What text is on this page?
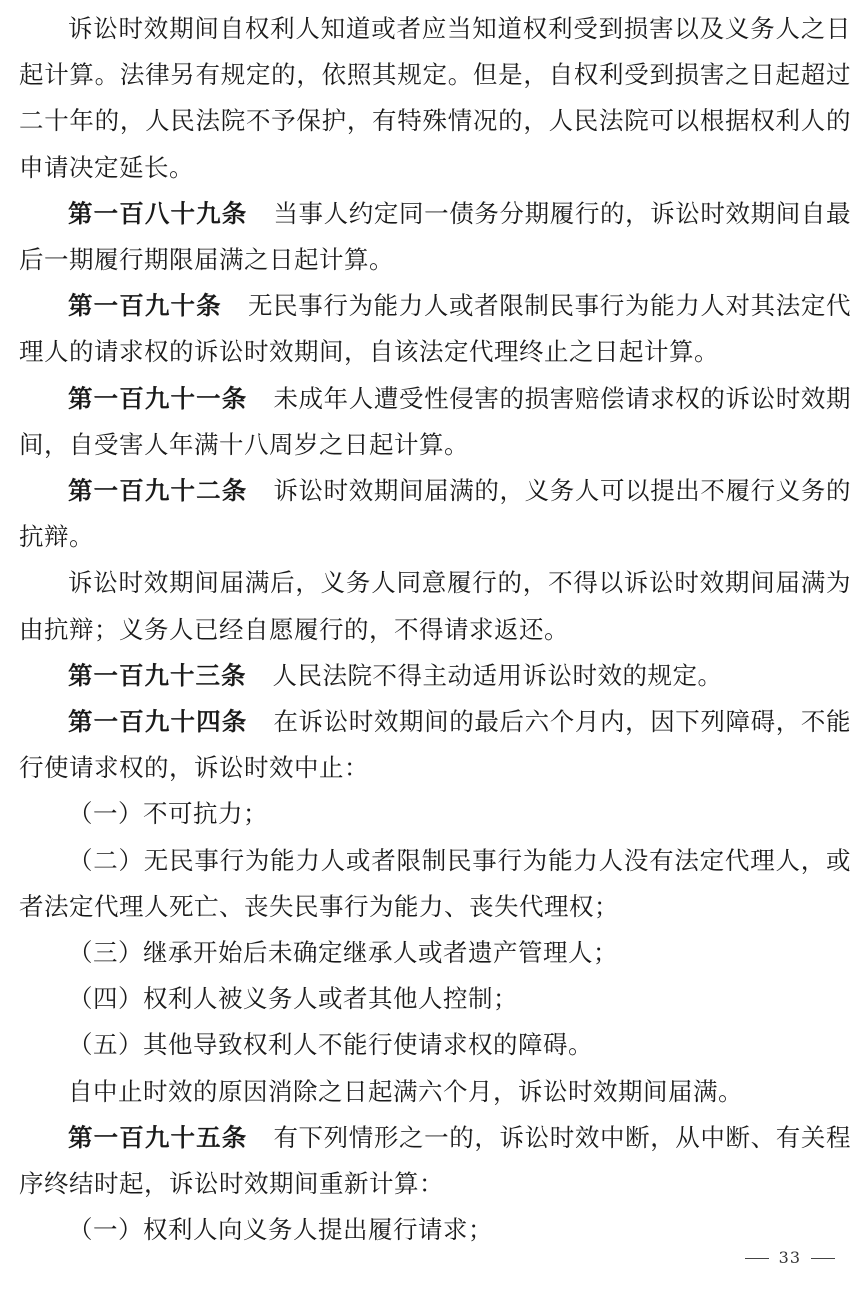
诉讼时效期间自权利人知道或者应当知道权利受到损害以及义务人之日起计算。法律另有规定的，依照其规定。但是，自权利受到损害之日起超过二十年的，人民法院不予保护，有特殊情况的，人民法院可以根据权利人的申请决定延长。

第一百八十九条 当事人约定同一债务分期履行的，诉讼时效期间自最后一期履行期限届满之日起计算。

第一百九十条 无民事行为能力人或者限制民事行为能力人对其法定代理人的请求权的诉讼时效期间，自该法定代理终止之日起计算。

第一百九十一条 未成年人遭受性侵害的损害赔偿请求权的诉讼时效期间，自受害人年满十八周岁之日起计算。

第一百九十二条 诉讼时效期间届满的，义务人可以提出不履行义务的抗辩。

诉讼时效期间届满后，义务人同意履行的，不得以诉讼时效期间届满为由抗辩；义务人已经自愿履行的，不得请求返还。

第一百九十三条 人民法院不得主动适用诉讼时效的规定。

第一百九十四条 在诉讼时效期间的最后六个月内，因下列障碍，不能行使请求权的，诉讼时效中止：

（一）不可抗力；

（二）无民事行为能力人或者限制民事行为能力人没有法定代理人，或者法定代理人死亡、丧失民事行为能力、丧失代理权；

（三）继承开始后未确定继承人或者遗产管理人；

（四）权利人被义务人或者其他人控制；

（五）其他导致权利人不能行使请求权的障碍。

自中止时效的原因消除之日起满六个月，诉讼时效期间届满。

第一百九十五条 有下列情形之一的，诉讼时效中断，从中断、有关程序终结时起，诉讼时效期间重新计算：

（一）权利人向义务人提出履行请求；

33
